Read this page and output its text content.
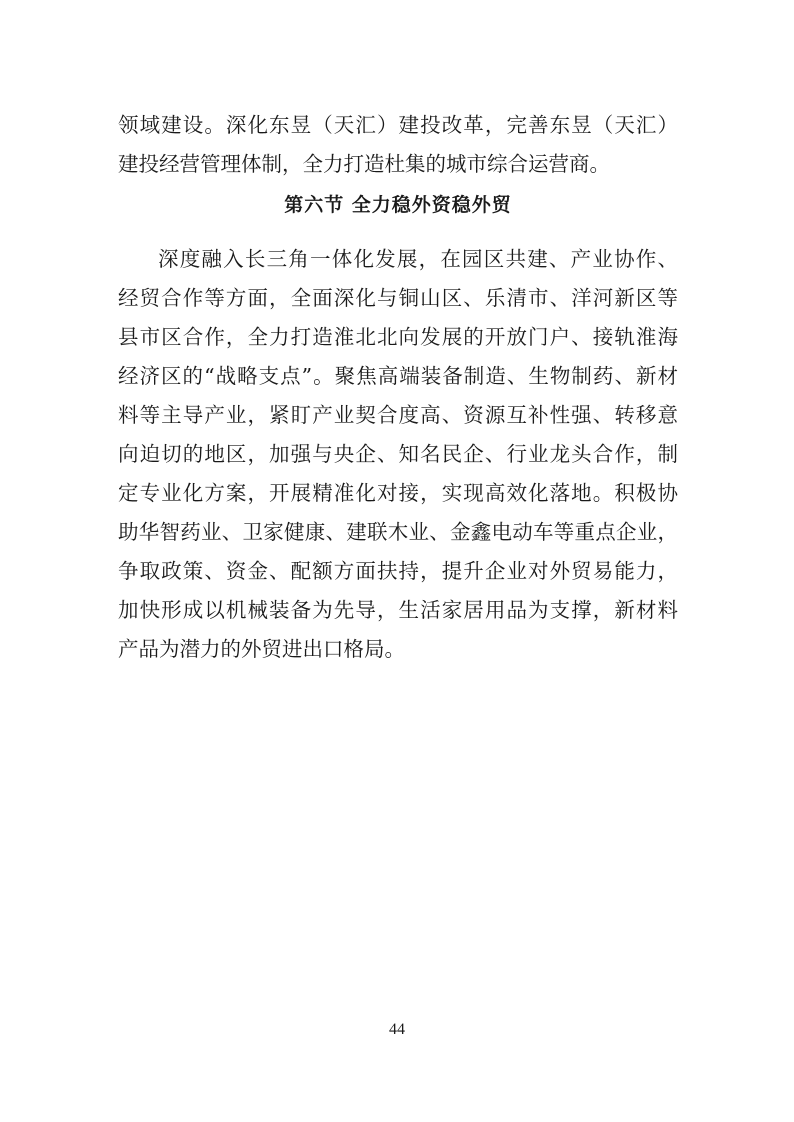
领域建设。深化东昱（天汇）建投改革，完善东昱（天汇）
建投经营管理体制，全力打造杜集的城市综合运营商。
第六节 全力稳外资稳外贸
深度融入长三角一体化发展，在园区共建、产业协作、
经贸合作等方面，全面深化与铜山区、乐清市、洋河新区等
县市区合作，全力打造淮北北向发展的开放门户、接轨淮海
经济区的“战略支点”。聚焦高端装备制造、生物制药、新材
料等主导产业，紧盯产业契合度高、资源互补性强、转移意
向迫切的地区，加强与央企、知名民企、行业龙头合作，制
定专业化方案，开展精准化对接，实现高效化落地。积极协
助华智药业、卫家健康、建联木业、金鑫电动车等重点企业，
争取政策、资金、配额方面扶持，提升企业对外贸易能力，
加快形成以机械装备为先导，生活家居用品为支撑，新材料
产品为潜力的外贸进出口格局。
44
